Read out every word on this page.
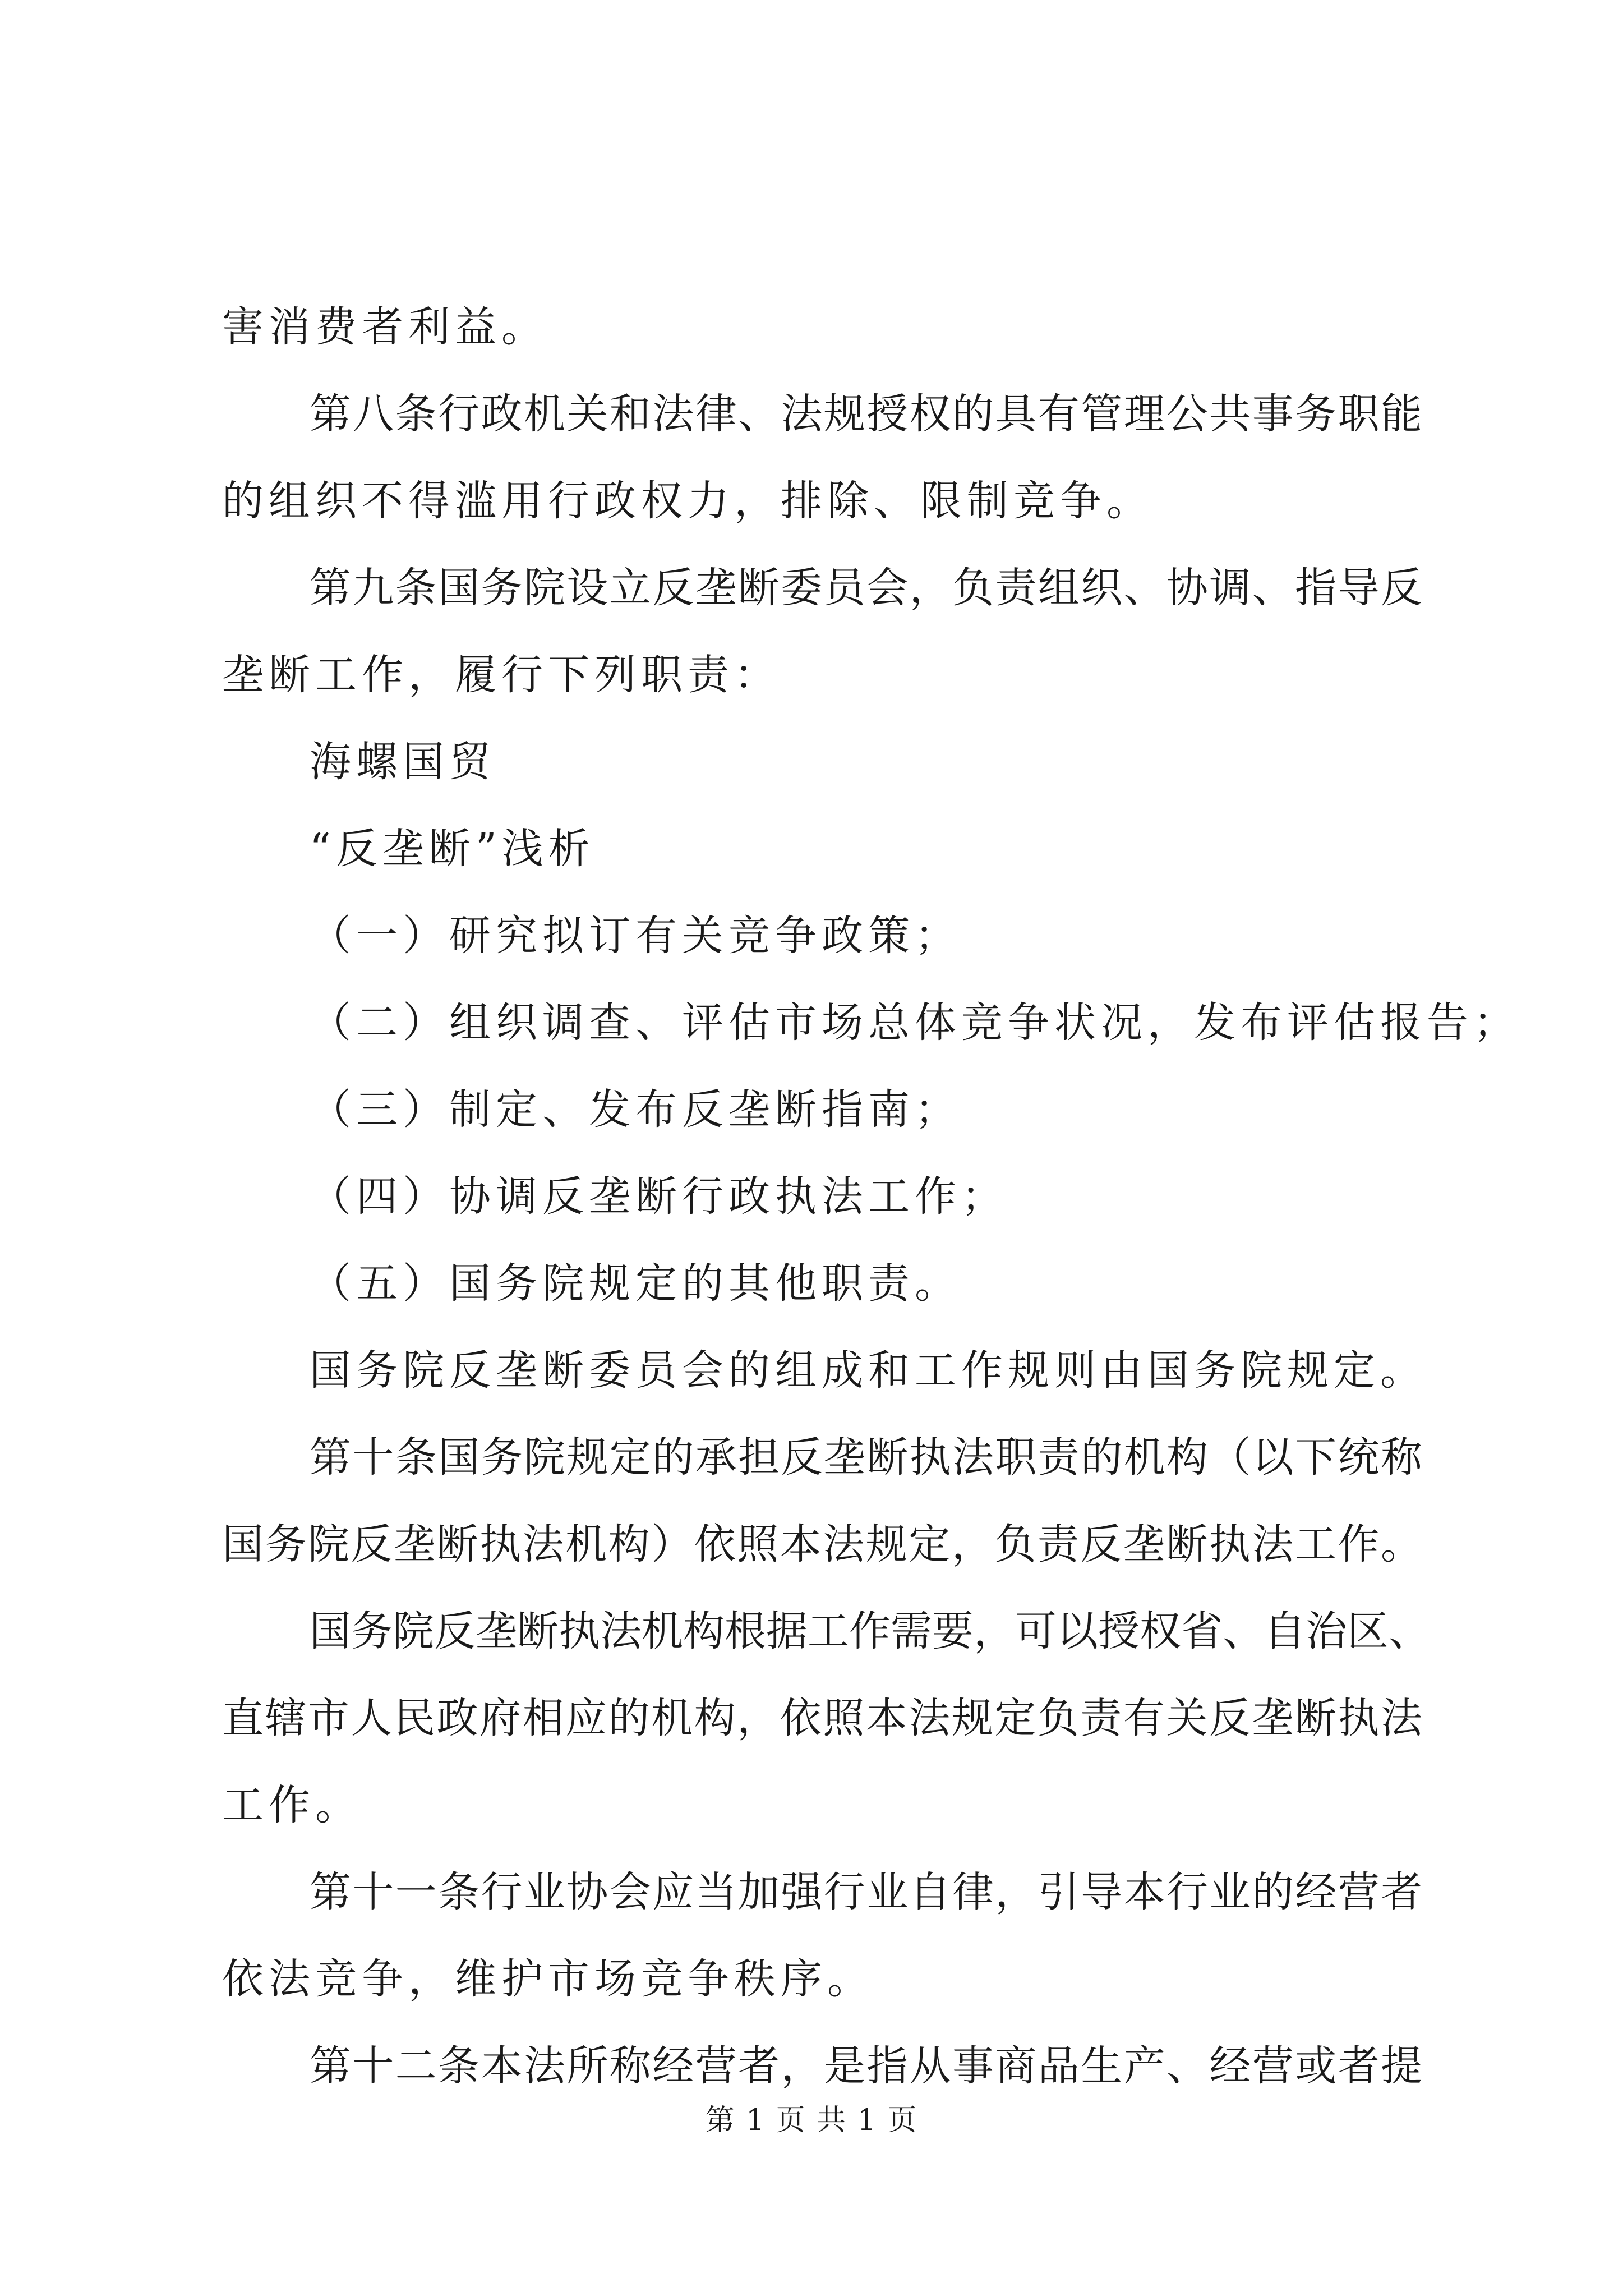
害消费者利益。
第八条行政机关和法律、法规授权的具有管理公共事务职能
的组织不得滥用行政权力，排除、限制竞争。
第九条国务院设立反垄断委员会，负责组织、协调、指导反
垄断工作，履行下列职责：
海螺国贸
“反垄断”浅析
（一）研究拟订有关竞争政策；
（二）组织调查、评估市场总体竞争状况，发布评估报告；
（三）制定、发布反垄断指南；
（四）协调反垄断行政执法工作；
（五）国务院规定的其他职责。
国务院反垄断委员会的组成和工作规则由国务院规定。
第十条国务院规定的承担反垄断执法职责的机构（以下统称
国务院反垄断执法机构）依照本法规定，负责反垄断执法工作。
国务院反垄断执法机构根据工作需要，可以授权省、自治区、
直辖市人民政府相应的机构，依照本法规定负责有关反垄断执法
工作。
第十一条行业协会应当加强行业自律，引导本行业的经营者
依法竞争，维护市场竞争秩序。
第十二条本法所称经营者，是指从事商品生产、经营或者提
第 1 页 共 1 页
